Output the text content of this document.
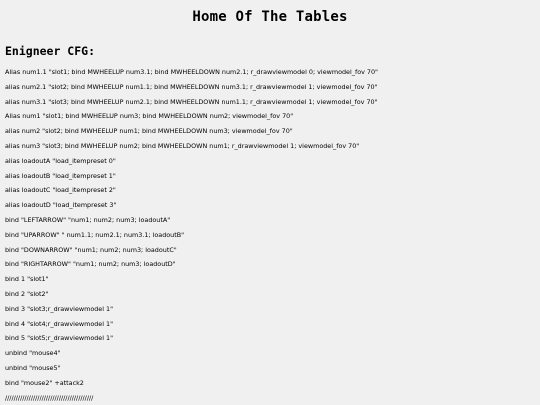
Home Of The Tables
Enigneer CFG:
Alias num1.1 "slot1; bind MWHEELUP num3.1; bind MWHEELDOWN num2.1; r_drawviewmodel 0; viewmodel_fov 70"
alias num2.1 "slot2; bind MWHEELUP num1.1; bind MWHEELDOWN num3.1; r_drawviewmodel 1; viewmodel_fov 70"
alias num3.1 "slot3; bind MWHEELUP num2.1; bind MWHEELDOWN num1.1; r_drawviewmodel 1; viewmodel_fov 70"
Alias num1 "slot1; bind MWHEELUP num3; bind MWHEELDOWN num2; viewmodel_fov 70"
alias num2 "slot2; bind MWHEELUP num1; bind MWHEELDOWN num3; viewmodel_fov 70"
alias num3 "slot3; bind MWHEELUP num2; bind MWHEELDOWN num1; r_drawviewmodel 1; viewmodel_fov 70"
alias loadoutA "load_itempreset 0"
alias loadoutB "load_itempreset 1"
alias loadoutC "load_itempreset 2"
alias loadoutD "load_itempreset 3"
bind "LEFTARROW" "num1; num2; num3; loadoutA"
bind "UPARROW" " num1.1; num2.1; num3.1; loadoutB"
bind "DOWNARROW" "num1; num2; num3; loadoutC"
bind "RIGHTARROW" "num1; num2; num3; loadoutD"
bind 1 "slot1"
bind 2 "slot2"
bind 3 "slot3;r_drawviewmodel 1"
bind 4 "slot4;r_drawviewmodel 1"
bind 5 "slot5;r_drawviewmodel 1"
unbind "mouse4"
unbind "mouse5"
bind "mouse2" +attack2
/////////////////////////////////////////
